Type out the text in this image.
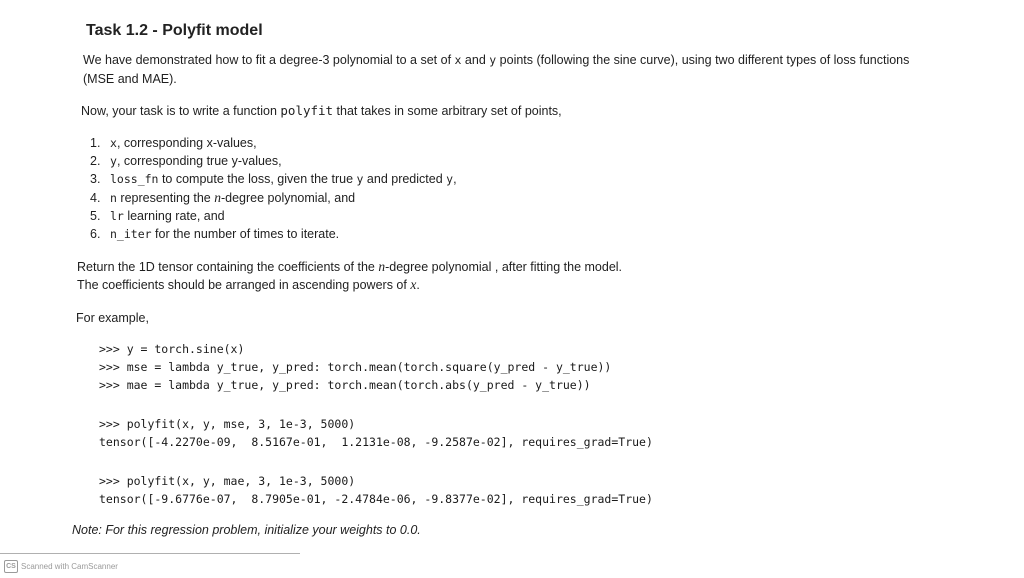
Task 1.2 - Polyfit model
We have demonstrated how to fit a degree-3 polynomial to a set of x and y points (following the sine curve), using two different types of loss functions
(MSE and MAE).
Now, your task is to write a function polyfit that takes in some arbitrary set of points,
1. x, corresponding x-values,
2. y, corresponding true y-values,
3. loss_fn to compute the loss, given the true y and predicted y,
4. n representing the n-degree polynomial, and
5. lr learning rate, and
6. n_iter for the number of times to iterate.
Return the 1D tensor containing the coefficients of the n-degree polynomial , after fitting the model.
The coefficients should be arranged in ascending powers of x.
For example,
>>> y = torch.sine(x)
>>> mse = lambda y_true, y_pred: torch.mean(torch.square(y_pred - y_true))
>>> mae = lambda y_true, y_pred: torch.mean(torch.abs(y_pred - y_true))
>>> polyfit(x, y, mse, 3, 1e-3, 5000)
tensor([-4.2270e-09,  8.5167e-01,  1.2131e-08, -9.2587e-02], requires_grad=True)
>>> polyfit(x, y, mae, 3, 1e-3, 5000)
tensor([-9.6776e-07,  8.7905e-01, -2.4784e-06, -9.8377e-02], requires_grad=True)
Note: For this regression problem, initialize your weights to 0.0.
CS Scanned with CamScanner
